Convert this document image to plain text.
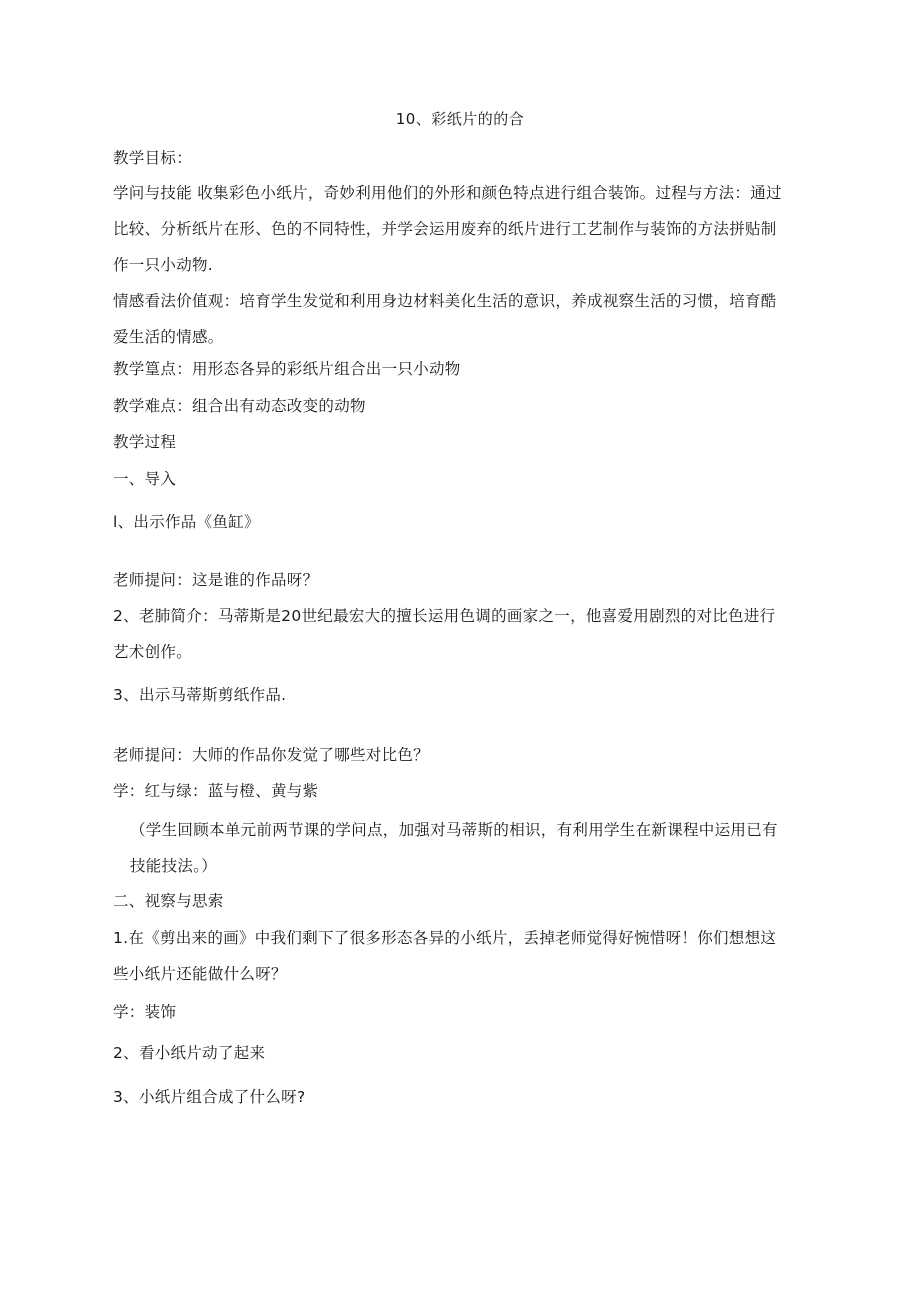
10、彩纸片的的合

教学目标：

学问与技能 收集彩色小纸片，奇妙利用他们的外形和颜色特点进行组合装饰。过程与方法：通过比较、分析纸片在形、色的不同特性，并学会运用废弃的纸片进行工艺制作与装饰的方法拼贴制作一只小动物.

情感看法价值观：培育学生发觉和利用身边材料美化生活的意识，养成视察生活的习惯，培育酷爱生活的情感。

教学篁点：用形态各异的彩纸片组合出一只小动物

教学难点：组合出有动态改变的动物

教学过程

一、导入

l、出示作品《鱼缸》

老师提问：这是谁的作品呀？

2、老肺简介：马蒂斯是20世纪最宏大的擅长运用色调的画家之一，他喜爱用剧烈的对比色进行艺术创作。

3、出示马蒂斯剪纸作品.

老师提问：大师的作品你发觉了哪些对比色？

学：红与绿：蓝与橙、黄与紫

（学生回顾本单元前两节课的学问点，加强对马蒂斯的相识，有利用学生在新课程中运用已有技能技法。）

二、视察与思索

1.在《剪出来的画》中我们剩下了很多形态各异的小纸片，丢掉老师觉得好惋惜呀！你们想想这些小纸片还能做什么呀？

学：装饰

2、看小纸片动了起来

3、小纸片组合成了什么呀?
